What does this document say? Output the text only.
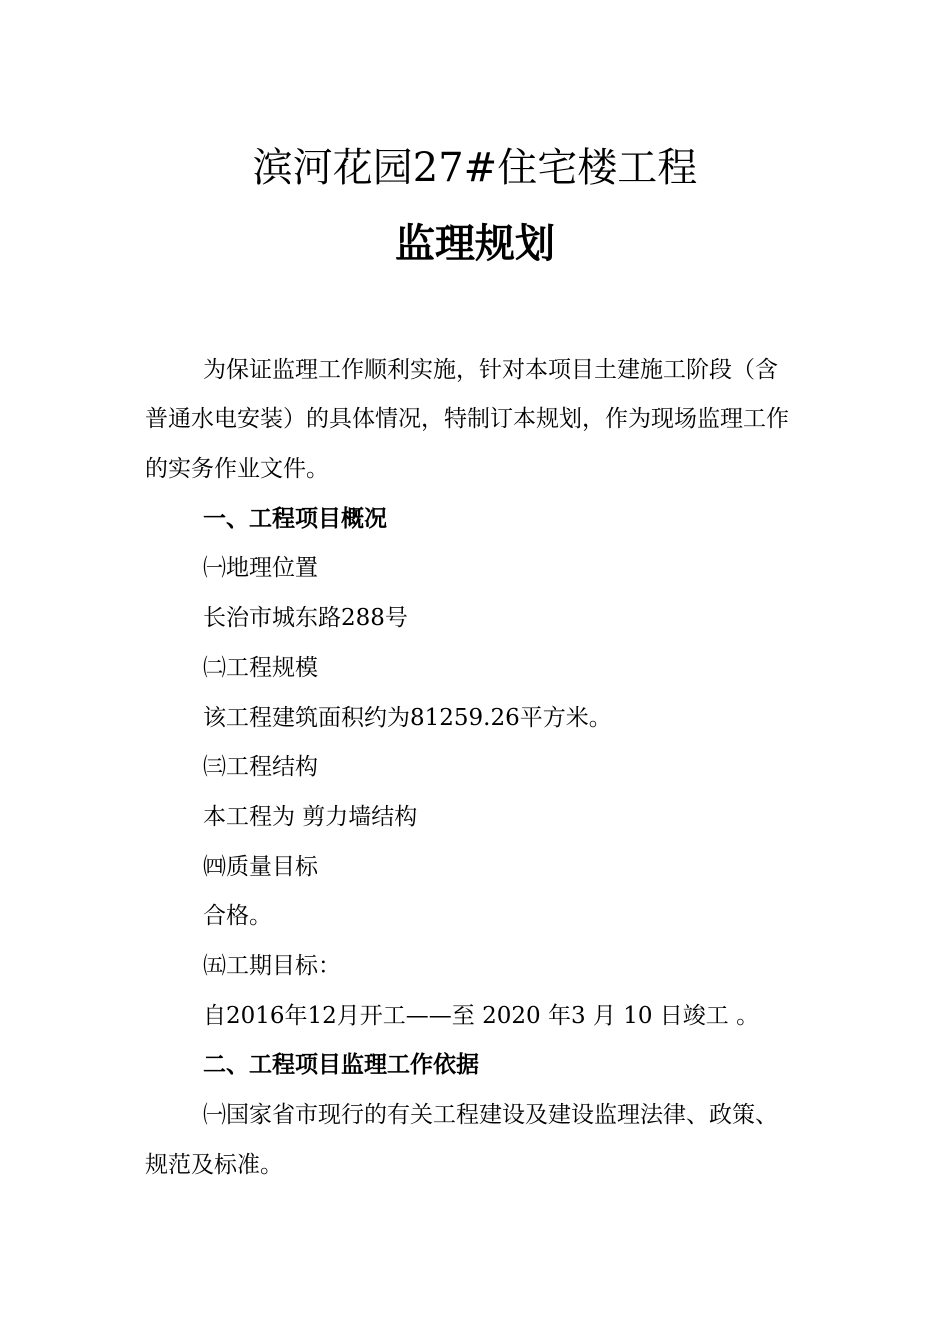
滨河花园27#住宅楼工程
监理规划
为保证监理工作顺利实施，针对本项目土建施工阶段（含
普通水电安装）的具体情况，特制订本规划，作为现场监理工作
的实务作业文件。
一、工程项目概况
㈠地理位置
长治市城东路288号
㈡工程规模
该工程建筑面积约为81259.26平方米。
㈢工程结构
本工程为 剪力墙结构
㈣质量目标
合格。
㈤工期目标：
自2016年12月开工——至 2020 年3 月 10 日竣工 。
二、工程项目监理工作依据
㈠国家省市现行的有关工程建设及建设监理法律、政策、
规范及标准。
